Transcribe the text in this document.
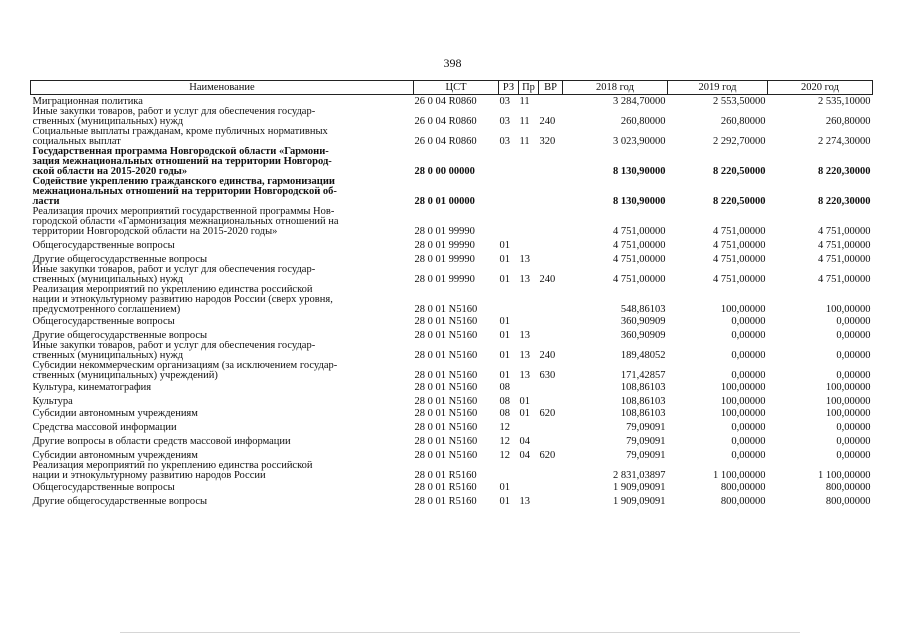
398
Наименование	ЦСТ	РЗ	Пр	ВР	2018 год	2019 год	2020 год

Миграционная политика	26 0 04 R0860	03	11		3 284,70000	2 553,50000	2 535,10000

Иные закупки товаров, работ и услуг для обеспечения государ-
ственных (муниципальных) нужд	26 0 04 R0860	03	11	240	260,80000	260,80000	260,80000

Социальные выплаты гражданам, кроме публичных нормативных
социальных выплат	26 0 04 R0860	03	11	320	3 023,90000	2 292,70000	2 274,30000

Государственная программа Новгородской области «Гармони-
зация межнациональных отношений на территории Новгород-
ской области на 2015-2020 годы»	28 0 00 00000				8 130,90000	8 220,50000	8 220,30000

Содействие укреплению гражданского единства, гармонизации
межнациональных отношений на территории Новгородской об-
ласти	28 0 01 00000				8 130,90000	8 220,50000	8 220,30000

Реализация прочих мероприятий государственной программы Нов-
городской области «Гармонизация межнациональных отношений на
территории Новгородской области на 2015-2020 годы»	28 0 01 99990				4 751,00000	4 751,00000	4 751,00000

Общегосударственные вопросы	28 0 01 99990	01			4 751,00000	4 751,00000	4 751,00000

Другие общегосударственные вопросы	28 0 01 99990	01	13		4 751,00000	4 751,00000	4 751,00000

Иные закупки товаров, работ и услуг для обеспечения государ-
ственных (муниципальных) нужд	28 0 01 99990	01	13	240	4 751,00000	4 751,00000	4 751,00000

Реализация мероприятий по укреплению единства российской
нации и этнокультурному развитию народов России (сверх уровня,
предусмотренного соглашением)	28 0 01 N5160				548,86103	100,00000	100,00000

Общегосударственные вопросы	28 0 01 N5160	01			360,90909	0,00000	0,00000

Другие общегосударственные вопросы	28 0 01 N5160	01	13		360,90909	0,00000	0,00000

Иные закупки товаров, работ и услуг для обеспечения государ-
ственных (муниципальных) нужд	28 0 01 N5160	01	13	240	189,48052	0,00000	0,00000

Субсидии некоммерческим организациям (за исключением государ-
ственных (муниципальных) учреждений)	28 0 01 N5160	01	13	630	171,42857	0,00000	0,00000

Культура, кинематография	28 0 01 N5160	08			108,86103	100,00000	100,00000

Культура	28 0 01 N5160	08	01		108,86103	100,00000	100,00000

Субсидии автономным учреждениям	28 0 01 N5160	08	01	620	108,86103	100,00000	100,00000

Средства массовой информации	28 0 01 N5160	12			79,09091	0,00000	0,00000

Другие вопросы в области средств массовой информации	28 0 01 N5160	12	04		79,09091	0,00000	0,00000

Субсидии автономным учреждениям	28 0 01 N5160	12	04	620	79,09091	0,00000	0,00000

Реализация мероприятий по укреплению единства российской
нации и этнокультурному развитию народов России	28 0 01 R5160				2 831,03897	1 100,00000	1 100,00000

Общегосударственные вопросы	28 0 01 R5160	01			1 909,09091	800,00000	800,00000

Другие общегосударственные вопросы	28 0 01 R5160	01	13		1 909,09091	800,00000	800,00000
